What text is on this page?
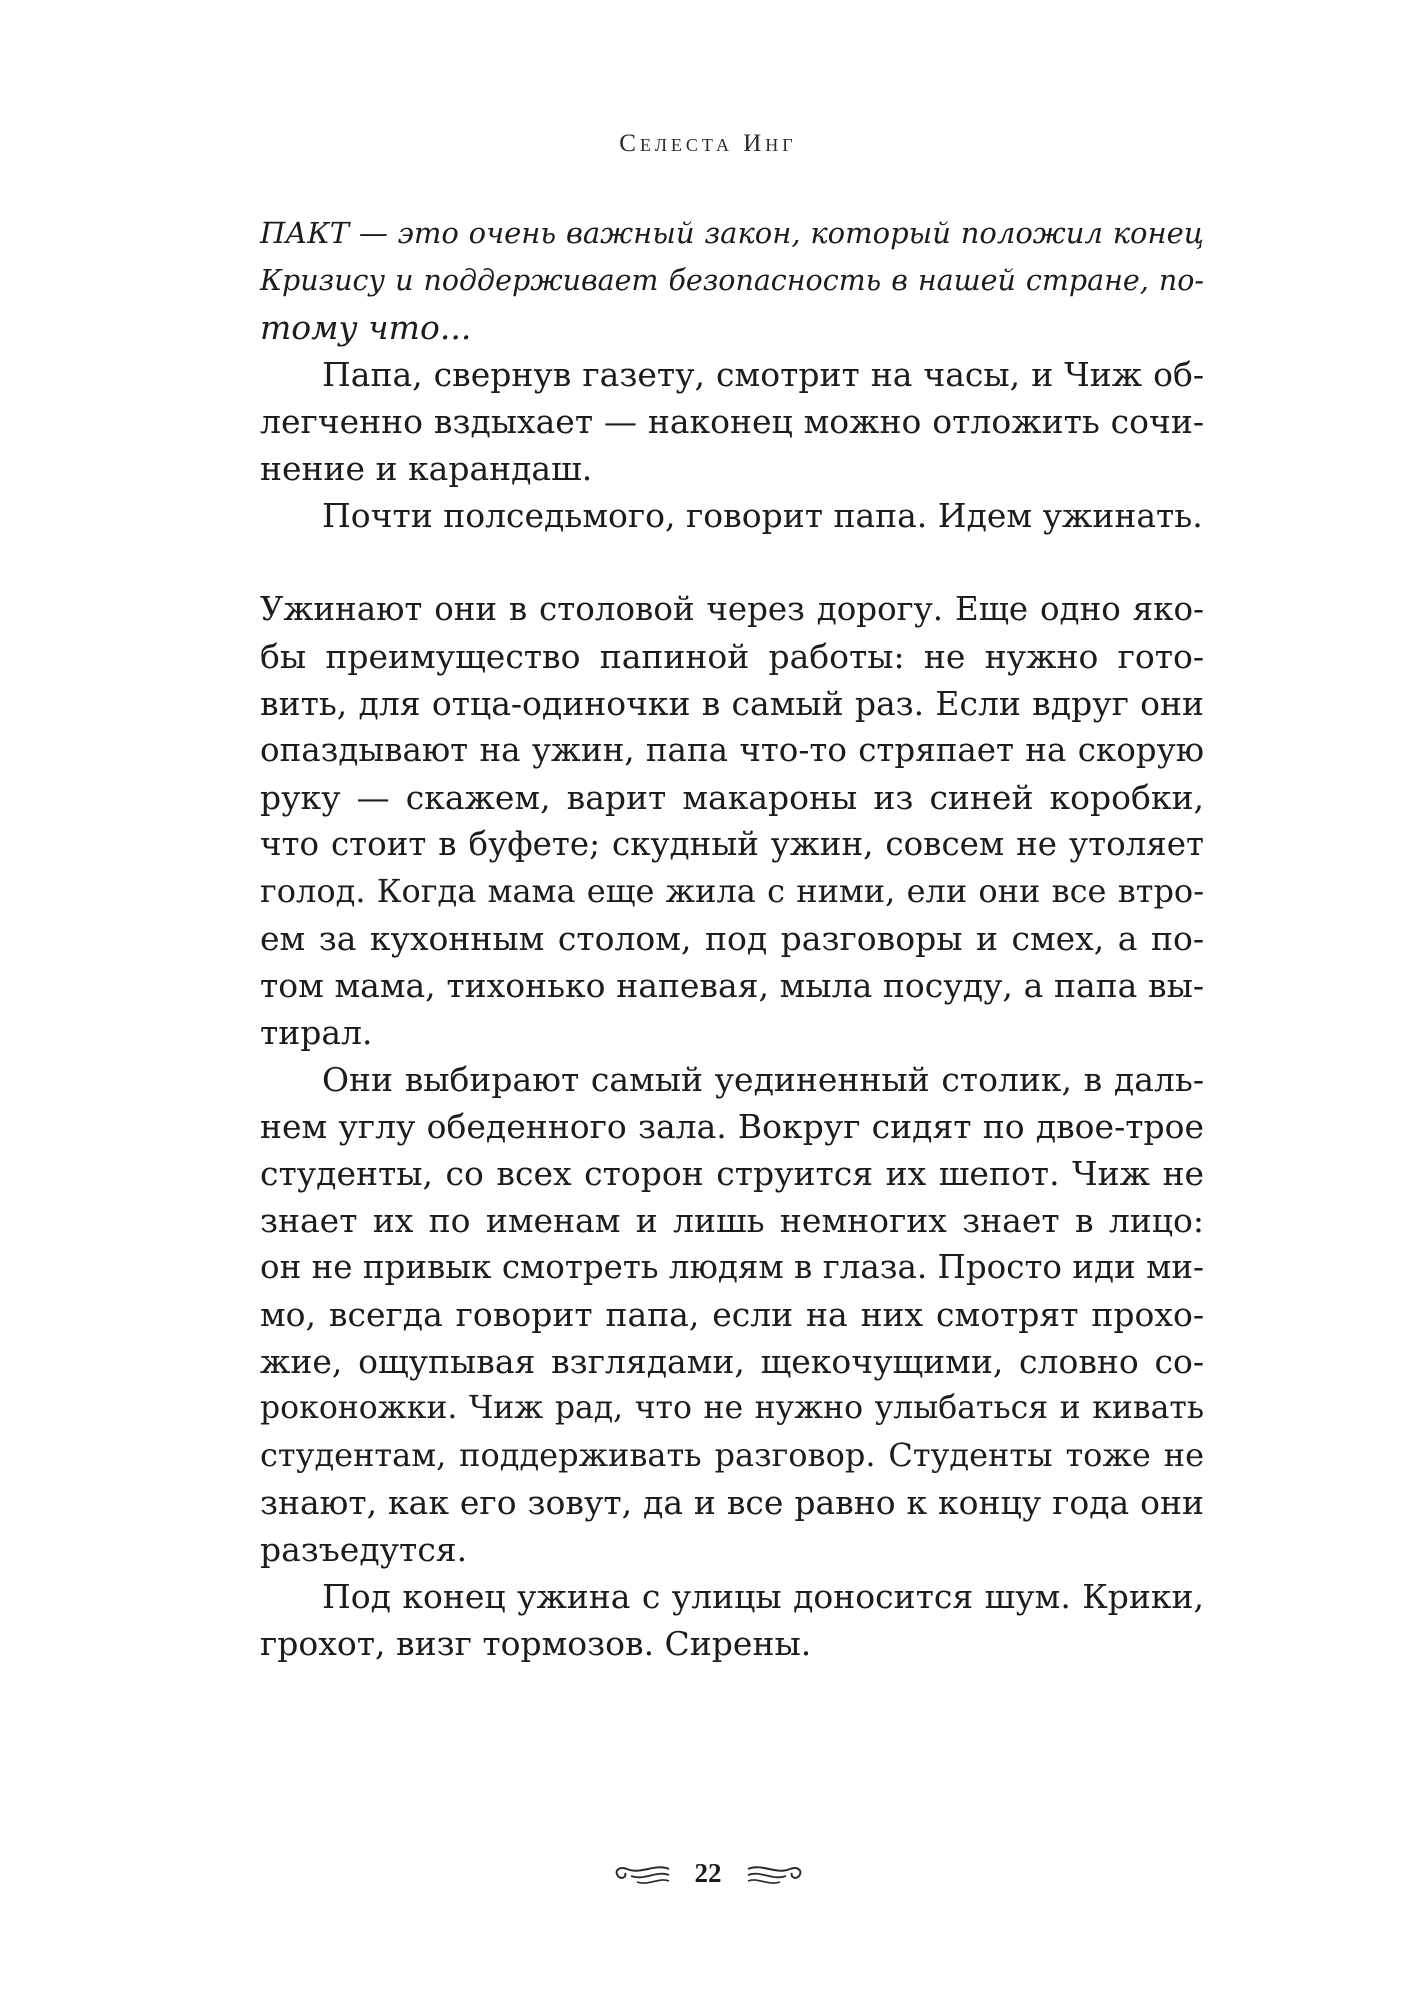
Селеста Инг
ПАКТ — это очень важный закон, который положил конец
Кризису и поддерживает безопасность в нашей стране, по-
тому что...
Папа, свернув газету, смотрит на часы, и Чиж об-
легченно вздыхает — наконец можно отложить сочи-
нение и карандаш.
Почти полседьмого, говорит папа. Идем ужинать.
Ужинают они в столовой через дорогу. Еще одно яко-
бы преимущество папиной работы: не нужно гото-
вить, для отца-одиночки в самый раз. Если вдруг они
опаздывают на ужин, папа что-то стряпает на скорую
руку — скажем, варит макароны из синей коробки,
что стоит в буфете; скудный ужин, совсем не утоляет
голод. Когда мама еще жила с ними, ели они все втро-
ем за кухонным столом, под разговоры и смех, а по-
том мама, тихонько напевая, мыла посуду, а папа вы-
тирал.
Они выбирают самый уединенный столик, в даль-
нем углу обеденного зала. Вокруг сидят по двое-трое
студенты, со всех сторон струится их шепот. Чиж не
знает их по именам и лишь немногих знает в лицо:
он не привык смотреть людям в глаза. Просто иди ми-
мо, всегда говорит папа, если на них смотрят прохо-
жие, ощупывая взглядами, щекочущими, словно со-
роконожки. Чиж рад, что не нужно улыбаться и кивать
студентам, поддерживать разговор. Студенты тоже не
знают, как его зовут, да и все равно к концу года они
разъедутся.
Под конец ужина с улицы доносится шум. Крики,
грохот, визг тормозов. Сирены.
22
